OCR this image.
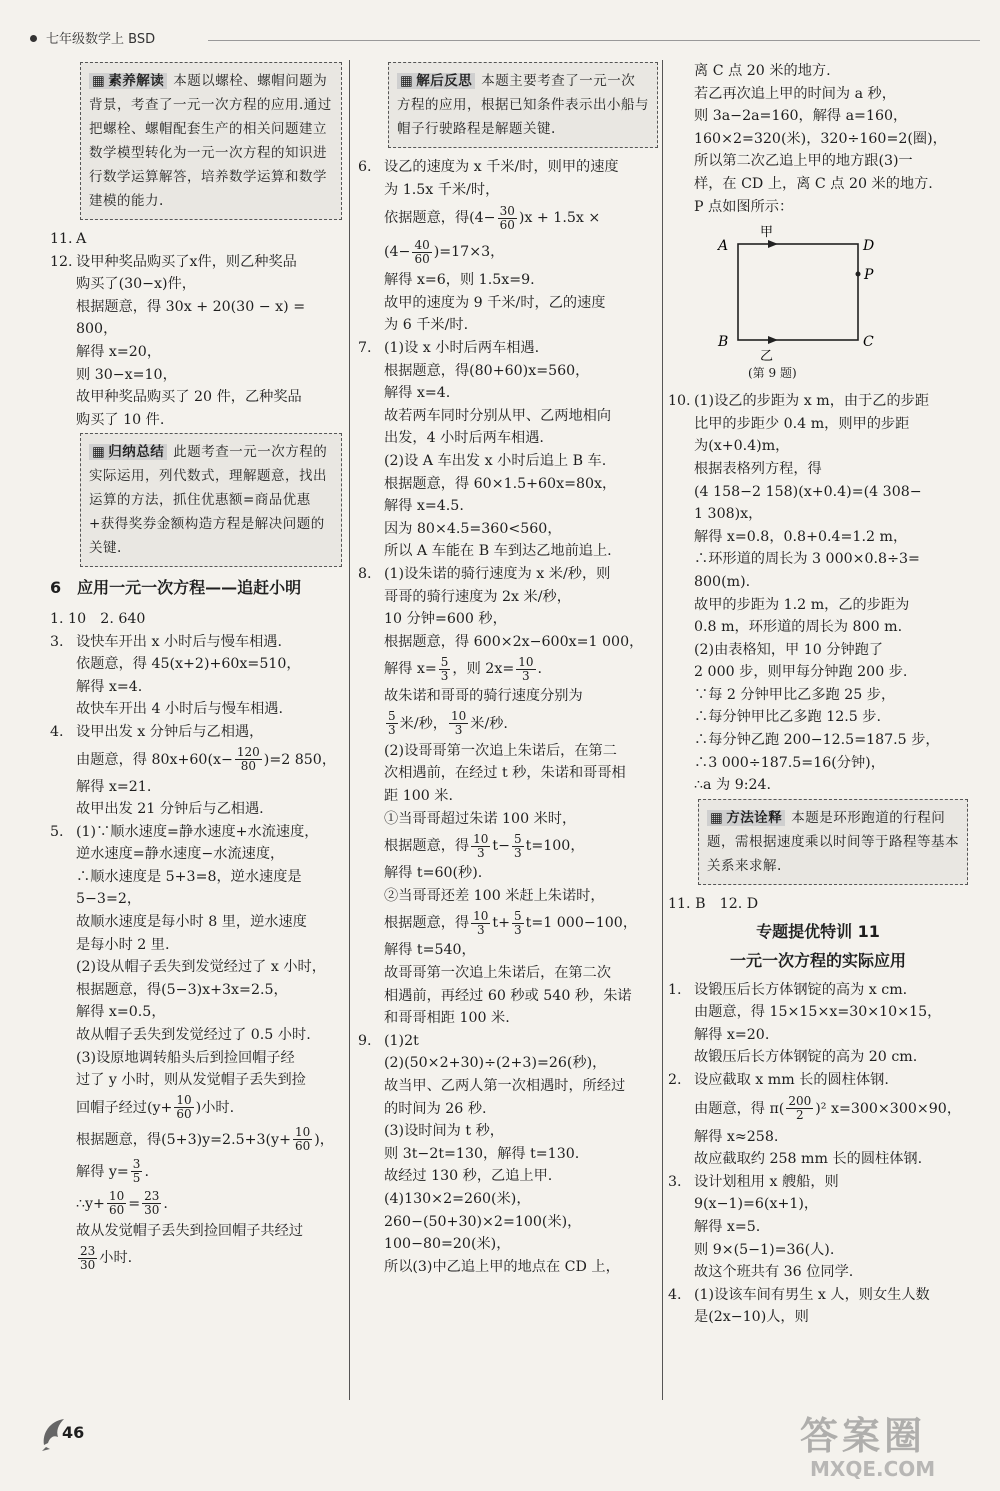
七年级数学上 BSD
▦ 素养解读 本题以螺栓、螺帽问题为背景，考查了一元一次方程的应用.通过把螺栓、螺帽配套生产的相关问题建立数学模型转化为一元一次方程的知识进行数学运算解答，培养数学运算和数学建模的能力.
11. A
12. 设甲种奖品购买了x件，则乙种奖品
购买了(30−x)件，
根据题意，得 30x + 20(30 − x) =
800，
解得 x=20，
则 30−x=10，
故甲种奖品购买了 20 件，乙种奖品
购买了 10 件.
▦ 归纳总结 此题考查一元一次方程的实际运用，列代数式，理解题意，找出运算的方法，抓住优惠额=商品优惠+获得奖券金额构造方程是解决问题的关键.
6　应用一元一次方程——追赶小明
1. 10　2. 640
3. 设快车开出 x 小时后与慢车相遇.
依题意，得 45(x+2)+60x=510，
解得 x=4.
故快车开出 4 小时后与慢车相遇.
4. 设甲出发 x 分钟后与乙相遇，
由题意，得 $80x+60(x- \frac{120}{80} )=2$ 850，
解得 x=21.
故甲出发 21 分钟后与乙相遇.
5. (1)∵顺水速度=静水速度+水流速度，
逆水速度=静水速度−水流速度，
∴顺水速度是 5+3=8，逆水速度是
5−3=2，
故顺水速度是每小时 8 里，逆水速度
是每小时 2 里.
(2)设从帽子丢失到发觉经过了 x 小时，
根据题意，得(5−3)x+3x=2.5，
解得 x=0.5，
故从帽子丢失到发觉经过了 0.5 小时.
(3)设原地调转船头后到捡回帽子经
过了 y 小时，则从发觉帽子丢失到捡
回帽子经过($y+ \frac{10}{60}$ )小时.
根据题意，得$(5+3)y=2.5+3(y+ \frac{10}{60}$ )，
解得 $y= \frac{3}{5}$ .
∴y+ $\frac{10}{60} = \frac{23}{30}$ .
故从发觉帽子丢失到捡回帽子共经过
$\frac{23}{30}$ 小时.
▦ 解后反思 本题主要考查了一元一次方程的应用，根据已知条件表示出小船与帽子行驶路程是解题关键.
6. 设乙的速度为 x 千米/时，则甲的速度
为 1.5x 千米/时，
依据题意，得$(4- \frac{30}{60} )x + 1.5x$ ×
$(4- \frac{40}{60} )=17\times 3$，
解得 x=6，则 1.5x=9.
故甲的速度为 9 千米/时，乙的速度
为 6 千米/时.
7. (1)设 x 小时后两车相遇.
根据题意，得(80+60)x=560，
解得 x=4.
故若两车同时分别从甲、乙两地相向
出发，4 小时后两车相遇.
(2)设 A 车出发 x 小时后追上 B 车.
根据题意，得 60×1.5+60x=80x，
解得 x=4.5.
因为 80×4.5=360<560，
所以 A 车能在 B 车到达乙地前追上.
8. (1)设朱诺的骑行速度为 x 米/秒，则
哥哥的骑行速度为 2x 米/秒，
10 分钟=600 秒，
根据题意，得 600×2x−600x=1 000，
解得 $x= \frac{5}{3}$ ，则 $2x= \frac{10}{3}$ .
故朱诺和哥哥的骑行速度分别为
$\frac{5}{3}$ 米/秒， $\frac{10}{3}$ 米/秒.
(2)设哥哥第一次追上朱诺后，在第二
次相遇前，在经过 t 秒，朱诺和哥哥相
距 100 米.
①当哥哥超过朱诺 100 米时，
根据题意，得 $\frac{10}{3} t- \frac{5}{3} t=100$，
解得 t=60(秒).
②当哥哥还差 100 米赶上朱诺时，
根据题意，得 $\frac{10}{3} t+ \frac{5}{3} t=1$ 000−100，
解得 t=540，
故哥哥第一次追上朱诺后，在第二次
相遇前，再经过 60 秒或 540 秒，朱诺
和哥哥相距 100 米.
9. (1)2t
(2)(50×2+30)÷(2+3)=26(秒)，
故当甲、乙两人第一次相遇时，所经过
的时间为 26 秒.
(3)设时间为 t 秒，
则 3t−2t=130，解得 t=130.
故经过 130 秒，乙追上甲.
(4)130×2=260(米)，
260−(50+30)×2=100(米)，
100−80=20(米)，
所以(3)中乙追上甲的地点在 CD 上，
离 C 点 20 米的地方.
若乙再次追上甲的时间为 a 秒，
则 3a−2a=160，解得 a=160，
160×2=320(米)，320÷160=2(圈)，
所以第二次乙追上甲的地方跟(3)一
样，在 CD 上，离 C 点 20 米的地方.
P 点如图所示：
A	D
B	C
P
甲
乙
(第 9 题)
10. (1)设乙的步距为 x m，由于乙的步距
比甲的步距少 0.4 m，则甲的步距
为(x+0.4)m，
根据表格列方程，得
(4 158−2 158)(x+0.4)=(4 308−
1 308)x，
解得 x=0.8，0.8+0.4=1.2 m，
∴环形道的周长为 3 000×0.8÷3=
800(m).
故甲的步距为 1.2 m，乙的步距为
0.8 m，环形道的周长为 800 m.
(2)由表格知，甲 10 分钟跑了
2 000 步，则甲每分钟跑 200 步.
∵每 2 分钟甲比乙多跑 25 步，
∴每分钟甲比乙多跑 12.5 步.
∴每分钟乙跑 200−12.5=187.5 步，
∴3 000÷187.5=16(分钟)，
∴a 为 9:24.
▦ 方法诠释 本题是环形跑道的行程问题，需根据速度乘以时间等于路程等基本关系来求解.
11. B　12. D
专题提优特训 11
一元一次方程的实际应用
1. 设锻压后长方体钢锭的高为 x cm.
由题意，得 15×15×x=30×10×15，
解得 x=20.
故锻压后长方体钢锭的高为 20 cm.
2. 设应截取 x mm 长的圆柱体钢.
由题意，得 $\pi( \frac{200}{2} )^2$ x=300×300×90，
解得 x≈258.
故应截取约 258 mm 长的圆柱体钢.
3. 设计划租用 x 艘船，则
9(x−1)=6(x+1)，
解得 x=5.
则 9×(5−1)=36(人).
故这个班共有 36 位同学.
4. (1)设该车间有男生 x 人，则女生人数
是(2x−10)人，则
46	答案圈
MXQE.COM
